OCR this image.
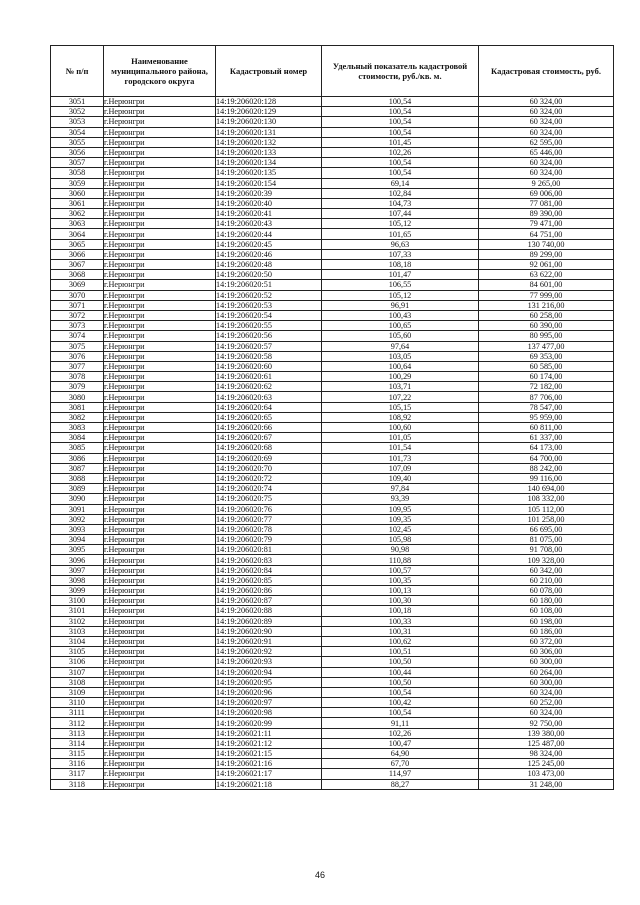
№ п/п	Наименование муниципального района, городского округа	Кадастровый номер	Удельный показатель кадастровой стоимости, руб./кв. м.	Кадастровая стоимость, руб.
3051	г.Нерюнгри	14:19:206020:128	100,54	60 324,00
3052	г.Нерюнгри	14:19:206020:129	100,54	60 324,00
3053	г.Нерюнгри	14:19:206020:130	100,54	60 324,00
3054	г.Нерюнгри	14:19:206020:131	100,54	60 324,00
3055	г.Нерюнгри	14:19:206020:132	101,45	62 595,00
3056	г.Нерюнгри	14:19:206020:133	102,26	65 446,00
3057	г.Нерюнгри	14:19:206020:134	100,54	60 324,00
3058	г.Нерюнгри	14:19:206020:135	100,54	60 324,00
3059	г.Нерюнгри	14:19:206020:154	69,14	9 265,00
3060	г.Нерюнгри	14:19:206020:39	102,84	69 006,00
3061	г.Нерюнгри	14:19:206020:40	104,73	77 081,00
3062	г.Нерюнгри	14:19:206020:41	107,44	89 390,00
3063	г.Нерюнгри	14:19:206020:43	105,12	79 471,00
3064	г.Нерюнгри	14:19:206020:44	101,65	64 751,00
3065	г.Нерюнгри	14:19:206020:45	96,63	130 740,00
3066	г.Нерюнгри	14:19:206020:46	107,33	89 299,00
3067	г.Нерюнгри	14:19:206020:48	108,18	92 061,00
3068	г.Нерюнгри	14:19:206020:50	101,47	63 622,00
3069	г.Нерюнгри	14:19:206020:51	106,55	84 601,00
3070	г.Нерюнгри	14:19:206020:52	105,12	77 999,00
3071	г.Нерюнгри	14:19:206020:53	96,91	131 216,00
3072	г.Нерюнгри	14:19:206020:54	100,43	60 258,00
3073	г.Нерюнгри	14:19:206020:55	100,65	60 390,00
3074	г.Нерюнгри	14:19:206020:56	105,60	80 995,00
3075	г.Нерюнгри	14:19:206020:57	97,64	137 477,00
3076	г.Нерюнгри	14:19:206020:58	103,05	69 353,00
3077	г.Нерюнгри	14:19:206020:60	100,64	60 585,00
3078	г.Нерюнгри	14:19:206020:61	100,29	60 174,00
3079	г.Нерюнгри	14:19:206020:62	103,71	72 182,00
3080	г.Нерюнгри	14:19:206020:63	107,22	87 706,00
3081	г.Нерюнгри	14:19:206020:64	105,15	78 547,00
3082	г.Нерюнгри	14:19:206020:65	108,92	95 959,00
3083	г.Нерюнгри	14:19:206020:66	100,60	60 811,00
3084	г.Нерюнгри	14:19:206020:67	101,05	61 337,00
3085	г.Нерюнгри	14:19:206020:68	101,54	64 173,00
3086	г.Нерюнгри	14:19:206020:69	101,73	64 700,00
3087	г.Нерюнгри	14:19:206020:70	107,09	88 242,00
3088	г.Нерюнгри	14:19:206020:72	109,40	99 116,00
3089	г.Нерюнгри	14:19:206020:74	97,84	140 694,00
3090	г.Нерюнгри	14:19:206020:75	93,39	108 332,00
3091	г.Нерюнгри	14:19:206020:76	109,95	105 112,00
3092	г.Нерюнгри	14:19:206020:77	109,35	101 258,00
3093	г.Нерюнгри	14:19:206020:78	102,45	66 695,00
3094	г.Нерюнгри	14:19:206020:79	105,98	81 075,00
3095	г.Нерюнгри	14:19:206020:81	90,98	91 708,00
3096	г.Нерюнгри	14:19:206020:83	110,88	109 328,00
3097	г.Нерюнгри	14:19:206020:84	100,57	60 342,00
3098	г.Нерюнгри	14:19:206020:85	100,35	60 210,00
3099	г.Нерюнгри	14:19:206020:86	100,13	60 078,00
3100	г.Нерюнгри	14:19:206020:87	100,30	60 180,00
3101	г.Нерюнгри	14:19:206020:88	100,18	60 108,00
3102	г.Нерюнгри	14:19:206020:89	100,33	60 198,00
3103	г.Нерюнгри	14:19:206020:90	100,31	60 186,00
3104	г.Нерюнгри	14:19:206020:91	100,62	60 372,00
3105	г.Нерюнгри	14:19:206020:92	100,51	60 306,00
3106	г.Нерюнгри	14:19:206020:93	100,50	60 300,00
3107	г.Нерюнгри	14:19:206020:94	100,44	60 264,00
3108	г.Нерюнгри	14:19:206020:95	100,50	60 300,00
3109	г.Нерюнгри	14:19:206020:96	100,54	60 324,00
3110	г.Нерюнгри	14:19:206020:97	100,42	60 252,00
3111	г.Нерюнгри	14:19:206020:98	100,54	60 324,00
3112	г.Нерюнгри	14:19:206020:99	91,11	92 750,00
3113	г.Нерюнгри	14:19:206021:11	102,26	139 380,00
3114	г.Нерюнгри	14:19:206021:12	100,47	125 487,00
3115	г.Нерюнгри	14:19:206021:15	64,90	98 324,00
3116	г.Нерюнгри	14:19:206021:16	67,70	125 245,00
3117	г.Нерюнгри	14:19:206021:17	114,97	103 473,00
3118	г.Нерюнгри	14:19:206021:18	88,27	31 248,00
46
